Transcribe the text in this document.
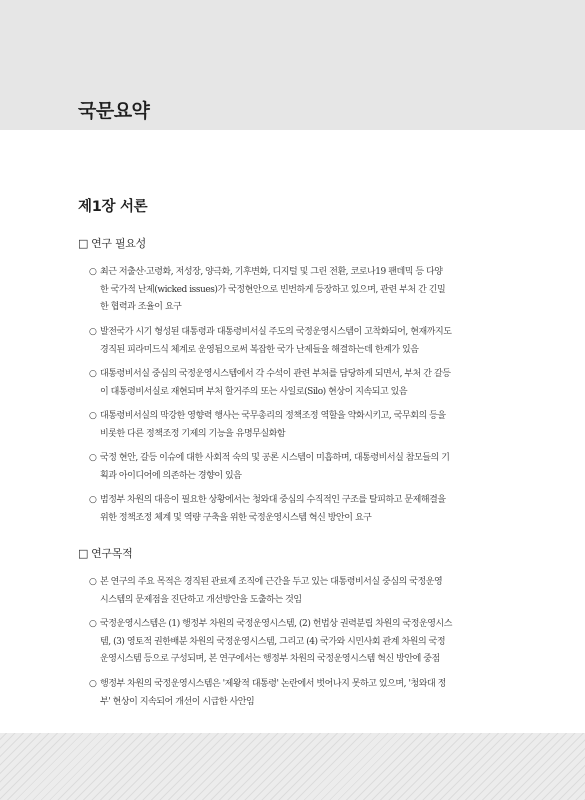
국문요약
제1장 서론
□ 연구 필요성
○ 최근 저출산·고령화, 저성장, 양극화, 기후변화, 디지털 및 그린 전환, 코로나19 팬데믹 등 다양
한 국가적 난제(wicked issues)가 국정현안으로 빈번하게 등장하고 있으며, 관련 부처 간 긴밀
한 협력과 조율이 요구
○ 발전국가 시기 형성된 대통령과 대통령비서실 주도의 국정운영시스템이 고착화되어, 현재까지도
경직된 피라미드식 체계로 운영됨으로써 복잡한 국가 난제들을 해결하는데 한계가 있음
○ 대통령비서실 중심의 국정운영시스템에서 각 수석이 관련 부처를 담당하게 되면서, 부처 간 갈등
이 대통령비서실로 재현되며 부처 할거주의 또는 사일로(Silo) 현상이 지속되고 있음
○ 대통령비서실의 막강한 영향력 행사는 국무총리의 정책조정 역할을 약화시키고, 국무회의 등을
비롯한 다른 정책조정 기제의 기능을 유명무실화함
○ 국정 현안, 갈등 이슈에 대한 사회적 숙의 및 공론 시스템이 미흡하며, 대통령비서실 참모들의 기
획과 아이디어에 의존하는 경향이 있음
○ 범정부 차원의 대응이 필요한 상황에서는 청와대 중심의 수직적인 구조를 탈피하고 문제해결을
위한 정책조정 체계 및 역량 구축을 위한 국정운영시스템 혁신 방안이 요구
□ 연구목적
○ 본 연구의 주요 목적은 경직된 관료제 조직에 근간을 두고 있는 대통령비서실 중심의 국정운영
시스템의 문제점을 진단하고 개선방안을 도출하는 것임
○ 국정운영시스템은 (1) 행정부 차원의 국정운영시스템, (2) 헌법상 권력분립 차원의 국정운영시스
템, (3) 영토적 권한배분 차원의 국정운영시스템, 그리고 (4) 국가와 시민사회 관계 차원의 국정
운영시스템 등으로 구성되며, 본 연구에서는 행정부 차원의 국정운영시스템 혁신 방안에 중점
○ 행정부 차원의 국정운영시스템은 '제왕적 대통령' 논란에서 벗어나지 못하고 있으며, '청와대 정
부' 현상이 지속되어 개선이 시급한 사안임
